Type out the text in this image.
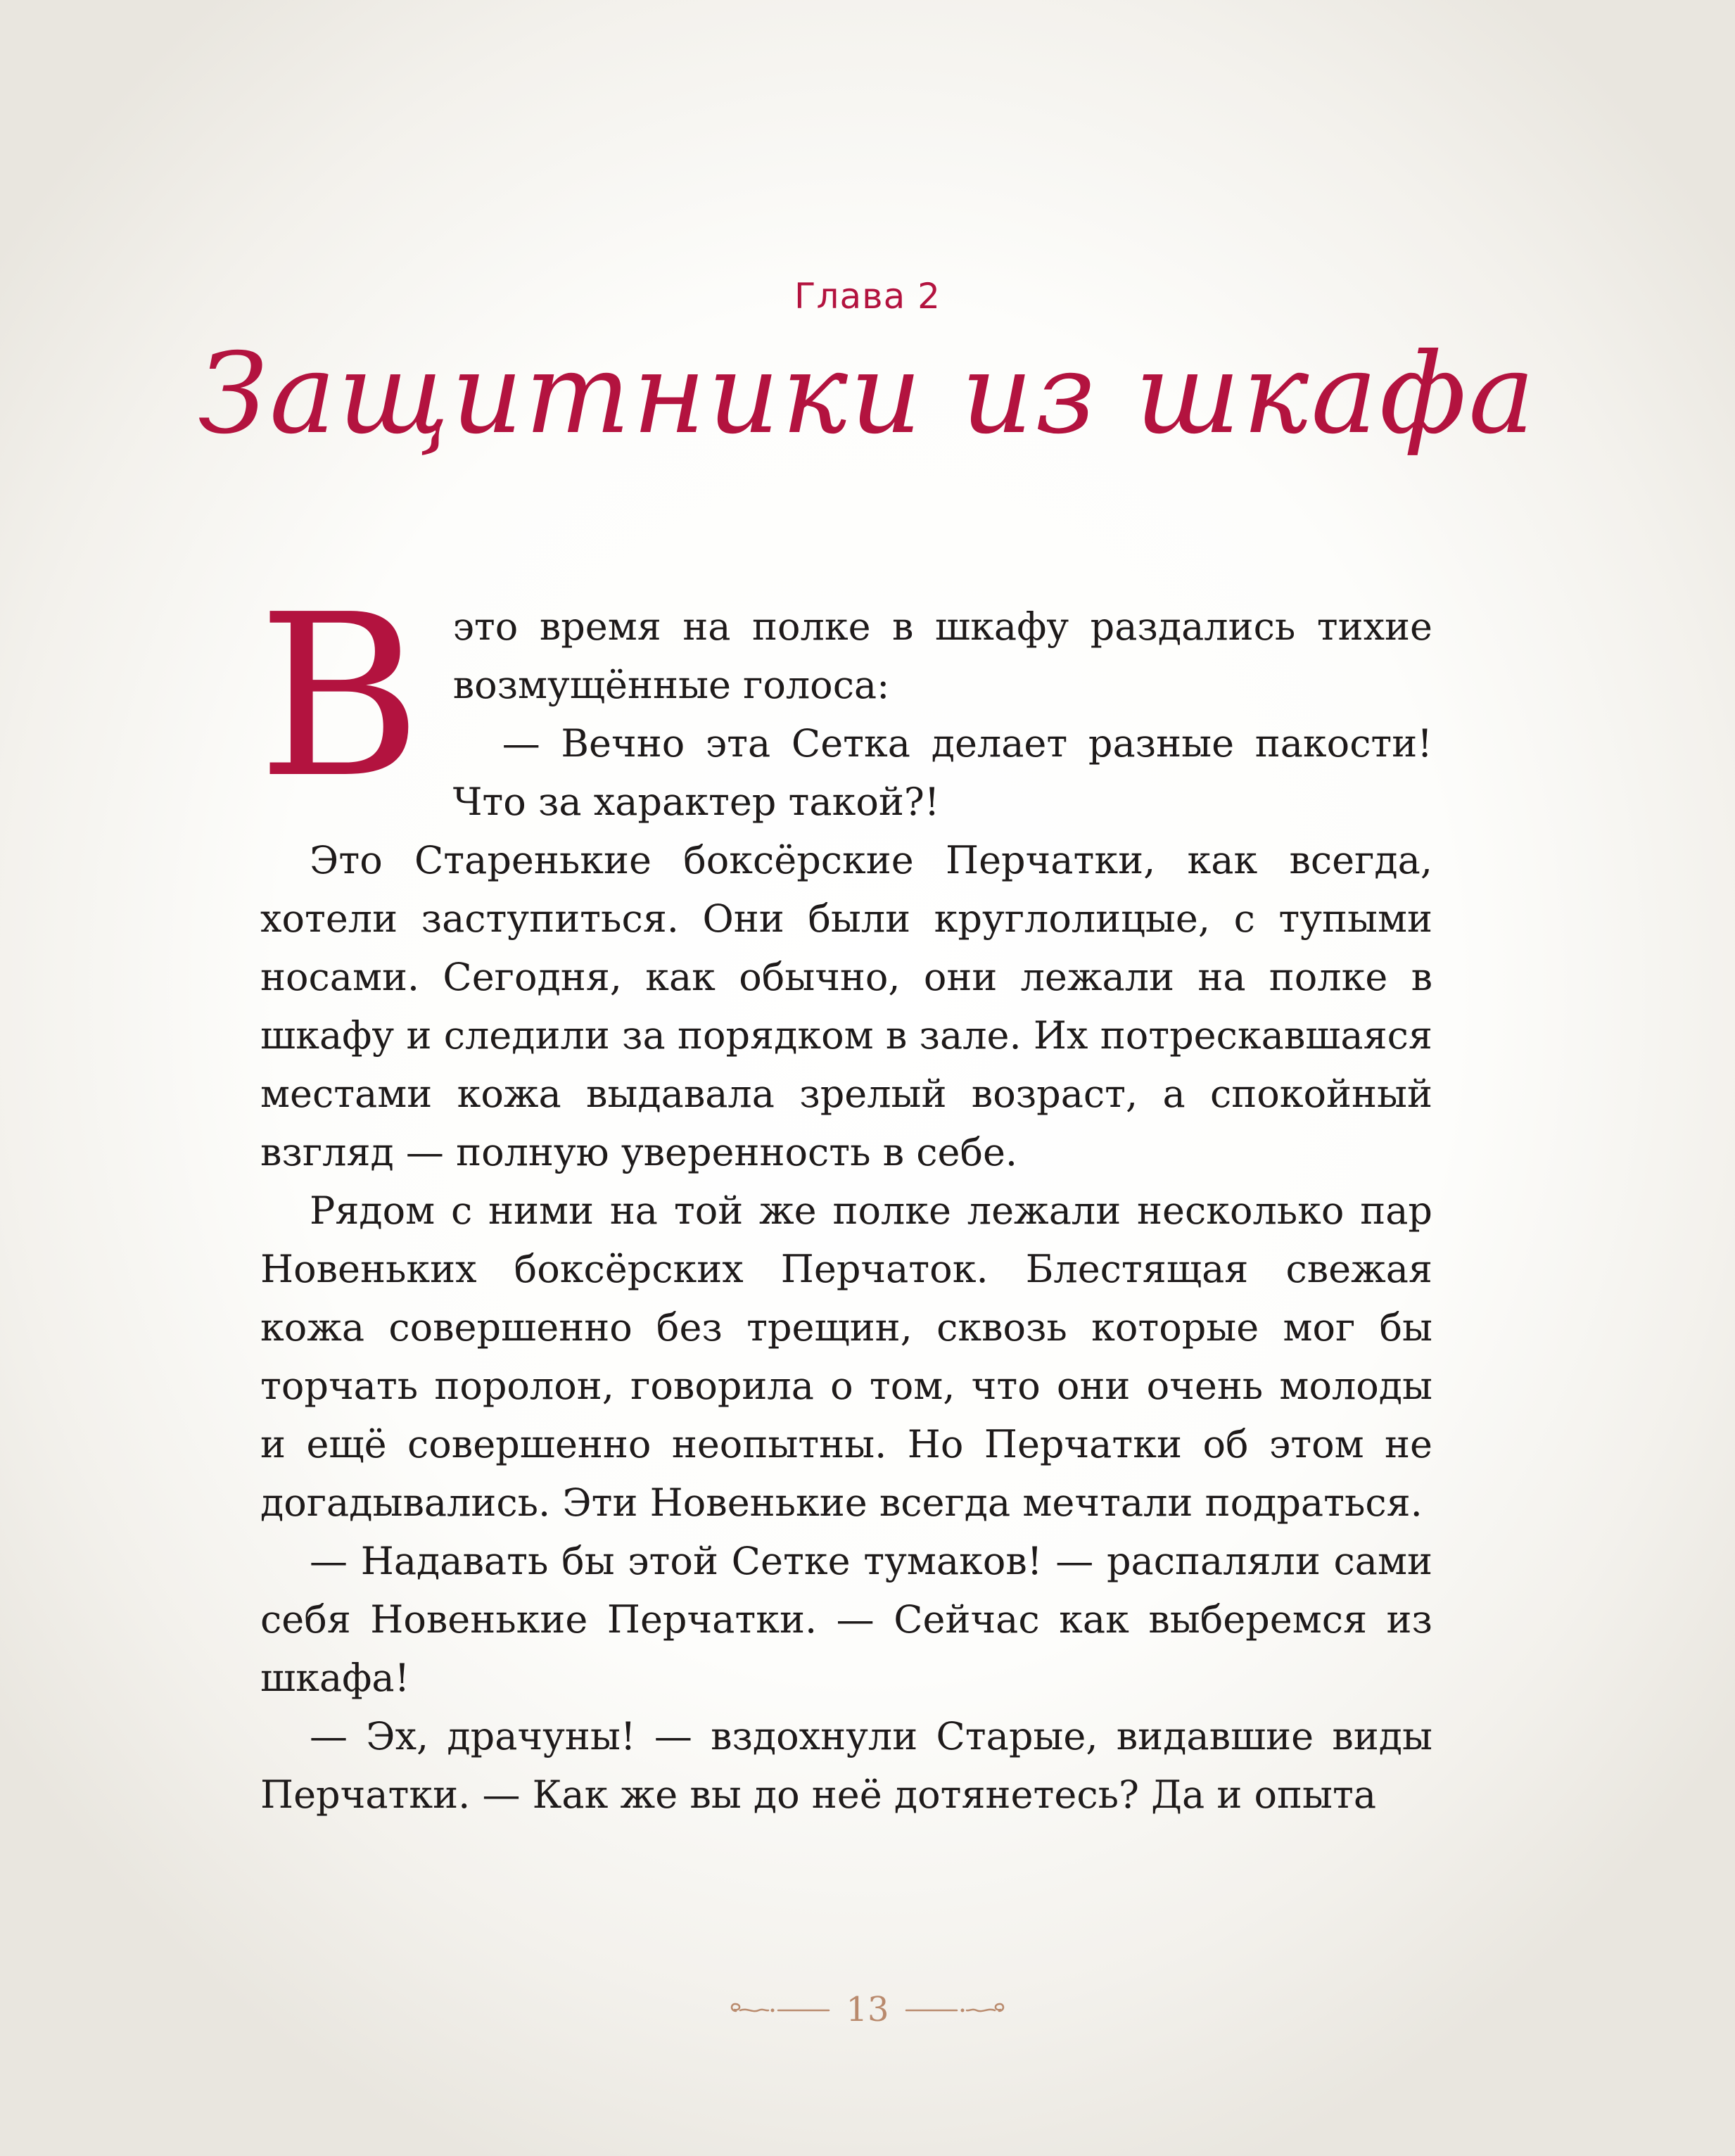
Глава 2
Защитники из шкафа
В это время на полке в шкафу раздались тихие возмущённые голоса:

— Вечно эта Сетка делает разные пакости! Что за характер такой?!

Это Старенькие боксёрские Перчатки, как всегда, хотели заступиться. Они были круглолицые, с тупыми носами. Сегодня, как обычно, они лежали на полке в шкафу и следили за порядком в зале. Их потрескавшаяся местами кожа выдавала зрелый возраст, а спокойный взгляд — полную уверенность в себе.

Рядом с ними на той же полке лежали несколько пар Новеньких боксёрских Перчаток. Блестящая свежая кожа совершенно без трещин, сквозь которые мог бы торчать поролон, говорила о том, что они очень молоды и ещё совершенно неопытны. Но Перчатки об этом не догадывались. Эти Новенькие всегда мечтали подраться.

— Надавать бы этой Сетке тумаков! — распаляли сами себя Новенькие Перчатки. — Сейчас как выберемся из шкафа!

— Эх, драчуны! — вздохнули Старые, видавшие виды Перчатки. — Как же вы до неё дотянетесь? Да и опыта

13
